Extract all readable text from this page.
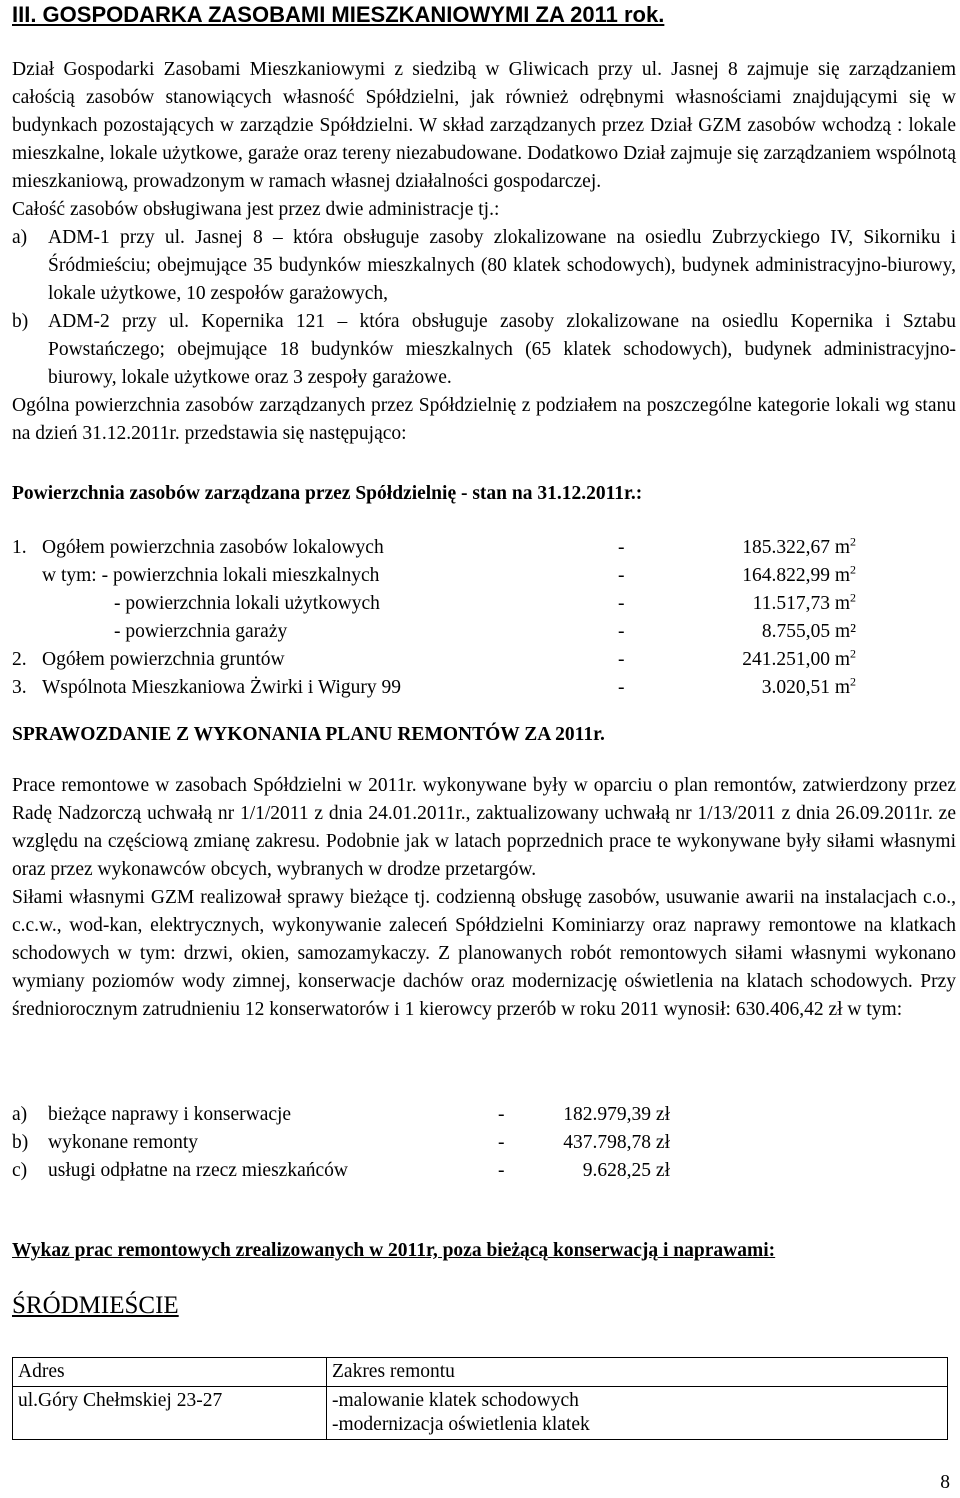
III. GOSPODARKA ZASOBAMI MIESZKANIOWYMI ZA 2011 rok.

Dział Gospodarki Zasobami Mieszkaniowymi z siedzibą w Gliwicach przy ul. Jasnej 8 zajmuje się zarządzaniem całością zasobów stanowiących własność Spółdzielni, jak również odrębnymi własnościami znajdującymi się w budynkach pozostających w zarządzie Spółdzielni. W skład zarządzanych przez Dział GZM zasobów wchodzą : lokale mieszkalne, lokale użytkowe, garaże oraz tereny niezabudowane. Dodatkowo Dział zajmuje się zarządzaniem wspólnotą mieszkaniową, prowadzonym w ramach własnej działalności gospodarczej.

Całość zasobów obsługiwana jest przez dwie administracje tj.:

a) ADM-1 przy ul. Jasnej 8 – która obsługuje zasoby zlokalizowane na osiedlu Zubrzyckiego IV, Sikorniku i Śródmieściu; obejmujące 35 budynków mieszkalnych (80 klatek schodowych), budynek administracyjno-biurowy, lokale użytkowe, 10 zespołów garażowych,
b) ADM-2 przy ul. Kopernika 121 – która obsługuje zasoby zlokalizowane na osiedlu Kopernika i Sztabu Powstańczego; obejmujące 18 budynków mieszkalnych (65 klatek schodowych), budynek administracyjno-biurowy, lokale użytkowe oraz 3 zespoły garażowe.

Ogólna powierzchnia zasobów zarządzanych przez Spółdzielnię z podziałem na poszczególne kategorie lokali wg stanu na dzień 31.12.2011r. przedstawia się następująco:

Powierzchnia zasobów zarządzana przez Spółdzielnię - stan na 31.12.2011r.:
1. Ogółem powierzchnia zasobów lokalowych	-	185.322,67 $m^2$
w tym: - powierzchnia lokali mieszkalnych	-	164.822,99 $m^2$
- powierzchnia lokali użytkowych	-	11.517,73 $m^2$
- powierzchnia garaży	-	8.755,05 m²
2. Ogółem powierzchnia gruntów	-	241.251,00 $m^2$
3. Wspólnota Mieszkaniowa Żwirki i Wigury 99	-	3.020,51 $m^2$
SPRAWOZDANIE Z WYKONANIA PLANU REMONTÓW ZA 2011r.

Prace remontowe w zasobach Spółdzielni w 2011r. wykonywane były w oparciu o plan remontów, zatwierdzony przez Radę Nadzorczą uchwałą nr 1/1/2011 z dnia 24.01.2011r., zaktualizowany uchwałą nr 1/13/2011 z dnia 26.09.2011r. ze względu na częściową zmianę zakresu. Podobnie jak w latach poprzednich prace te wykonywane były siłami własnymi oraz przez wykonawców obcych, wybranych w drodze przetargów.

Siłami własnymi GZM realizował sprawy bieżące tj. codzienną obsługę zasobów, usuwanie awarii na instalacjach c.o., c.c.w., wod-kan, elektrycznych, wykonywanie zaleceń Spółdzielni Kominiarzy oraz naprawy remontowe na klatkach schodowych w tym: drzwi, okien, samozamykaczy. Z planowanych robót remontowych siłami własnymi wykonano wymiany poziomów wody zimnej, konserwacje dachów oraz modernizację oświetlenia na klatach schodowych. Przy średniorocznym zatrudnieniu 12 konserwatorów i 1 kierowcy przerób w roku 2011 wynosił: 630.406,42 zł w tym:

a) bieżące naprawy i konserwacje	-	182.979,39 zł
b) wykonane remonty	-	437.798,78 zł
c) usługi odpłatne na rzecz mieszkańców	-	9.628,25 zł
Wykaz prac remontowych zrealizowanych w 2011r, poza bieżącą konserwacją i naprawami:
ŚRÓDMIEŚCIE
Adres	Zakres remontu
ul.Góry Chełmskiej 23-27	-malowanie klatek schodowych
-modernizacja oświetlenia klatek
8
